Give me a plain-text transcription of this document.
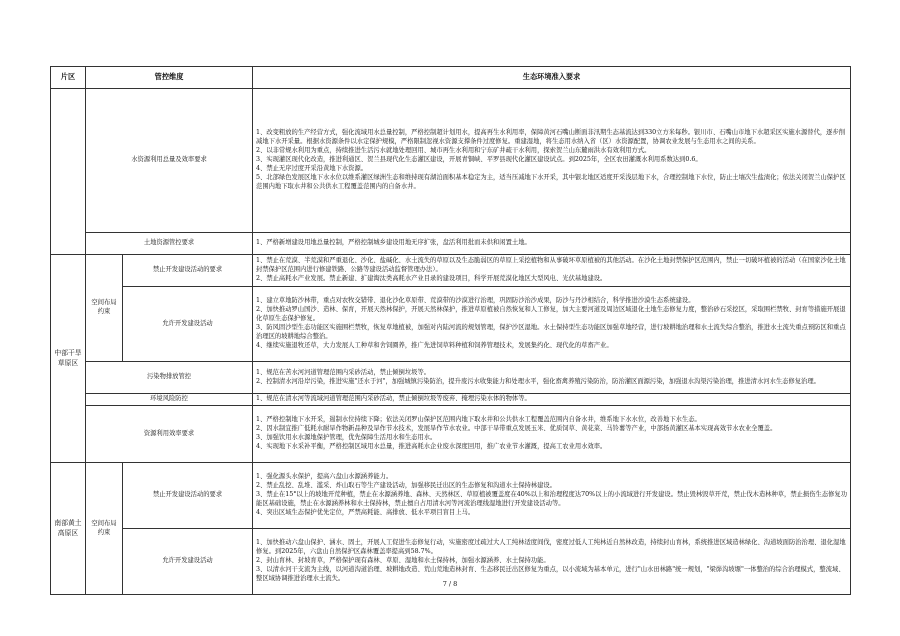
片区	管控维度		生态环境准入要求
	水资源利用总量及效率要求		1、改变粗放的生产经营方式，强化流域用水总量控制，严格控制超计划用水，提高再生水利用率，保障黄河石嘴山断面非汛期生态基流达到330立方米每秒。银川市、石嘴山市地下水超采区实施水源替代，逐步削减地下水开采量。根据水资源条件以水定保护规模，严格限制忽视水资源支撑条件过度修复。重建湿地，将生态用水纳入省（区）水资源配置，协调农业发展与生态用水之间的关系。
2、以非常规水利用为重点，持续推进生活污水就地处理回用、城市再生水利用和宁东矿井疏干水利用，探索贺兰山东麓雨洪水有效利用方式。
3、实现灌区现代化改造，推进利通区、贺兰县现代化生态灌区建设，开展青铜峡、平罗县现代化灌区建设试点。到2025年，全区农田灌溉水利用系数达到0.6。
4、禁止无序过度开采沿黄地下水资源。
5、北部绿色发展区地下水水位以维系灌区绿洲生态和维持现有湖泊面积基本稳定为主，适当压减地下水开采，其中银北地区适度开采浅层地下水，合理控制地下水位，防止土壤次生盐渍化；依法关闭贺兰山保护区范围内地下取水井和公共供水工程覆盖范围内的自备水井。

	土地资源管控要求		1、严格新增建设用地总量控制，严格控制城乡建设用地无序扩张，盘活利用批而未供和闲置土地。

中部干旱草原区	空间布局约束	禁止开发建设活动的要求	1、禁止在荒漠、半荒漠和严重退化、沙化、盐碱化、水土流失的草原以及生态脆弱区的草原上采挖植物和从事破坏草原植被的其他活动。在沙化土地封禁保护区范围内，禁止一切破坏植被的活动（在国家沙化土地封禁保护区范围内进行修建铁路、公路等建设活动监督管理办法）。
2、禁止高耗水产业发展。禁止新建、扩建淘汰类高耗水产业目录的建设项目，科学开展荒漠化地区大型风电、光伏基地建设。

		允许开发建设活动	1、建立草地防沙林带，重点对农牧交错带、退化沙化草原带、荒漠带的沙漠进行治理，巩固防沙治沙成果，防沙与丹沙相结合，科学推进沙漠生态系统建设。
2、加快推动罗山国沙、造林、保育，开展天然林保护，开展天然林保护，推进草原植被自然恢复和人工修复，加大主要河道及周边区域退化土地生态修复力度，整治砂石采挖区，采取围栏禁牧、封育等措施开展退化草原生态保护修复。
3、防风固沙型生态功能区实施围栏禁牧，恢复草地植被，加强对内陆河流的规划管理，保护沙区湿地。水土保持型生态功能区加强草地经营，进行坡耕地治理和水土流失综合整治，推进水土流失重点预防区和重点治理区的坡耕地综合整治。
4、继续实施退牧还草，大力发展人工种草和舍饲圈养，推广先进饲草料种植和饲养管理技术，发展集约化、现代化的草畜产业。

	污染物排放管控		1、规范在苦水河河道管理范围内采砂活动，禁止倾倒垃圾等。
2、控制清水河沿岸污染，推进实施"还水于河"，加强城镇污染防治，提升废污水收集能力和处理水平，强化畜禽养殖污染防治，防治灌区面源污染，加强退水沟渠污染治理，推进清水河水生态修复治理。

	环境风险防控		1、规范在清水河等流域河道管理范围内采砂活动，禁止倾倒垃圾等废弃、掩埋污染水体的物体等。

	资源利用效率要求		1、严格控制地下水开采，遏制水位持续下降；依法关闭罗山保护区范围内地下取水井和公共供水工程覆盖范围内自备水井，维系地下水水位，改善地下水生态。
2、因水制宜推广低耗水耐旱作物新品种及旱作节水技术，发展旱作节水农业。中部干旱带重点发展玉米、优质饲草、黄花菜、马铃薯等产业，中部扬黄灌区基本实现高效节水农业全覆盖。
3、加强饮用水水源地保护管理，优先保障生活用水和生态用水。
4、实现地下水采补平衡，严格控制区域用水总量，推进高耗水企业废水深度回用，推广农业节水灌溉，提高工农业用水效率。

南部黄土高原区	空间布局约束	禁止开发建设活动的要求	1、强化源头水保护，提高六盘山水源涵养能力。
2、禁止乱挖、乱堆、滥采、炸山取石等生产建设活动，加强移民迁出区的生态修复和沟道水土保持林建设。
3、禁止在15°以上的坡地开荒种植，禁止在水源涵养地、森林、天然林区、草原植被覆盖度在40%以上和治理程度达70%以上的小流域进行开发建设。禁止毁林毁草开荒，禁止伐木造林种草，禁止损伤生态修复功能区基础设施，禁止在水源涵养林和水土保持林，禁止擅自占用清水河等河流治理线湿地进行开发建设活动等。
4、突出区域生态保护优先定位，严禁高耗能、高排放、低水平项目盲目上马。

		允许开发建设活动	1、加快推动六盘山保护、涵水、固土，开展人工促进生态修复行动，实施密度过疏过大人工纯林适度间伐，密度过低人工纯林近自然林改造，持续封山育林，系统推进区域造林绿化、沟道坡面防治治理、退化湿地修复。到2025年，六盘山自然保护区森林覆盖率提高到58.7%。
2、封山育林、封坡育草，严格保护现有森林、草原、湿地和水土保持林，加强水源涵养、水土保持功能。
3、以清水河干支流为主线，以河道沟道治理、坡耕地改造、荒山荒地造林封育、生态移民迁出区修复为重点，以小流域为基本单元，进行"山水田林路"统一规划，"梁峁沟坡塬"一体整治的综合治理模式，整流域、整区域协调推进治理水土流失。
7 / 8
